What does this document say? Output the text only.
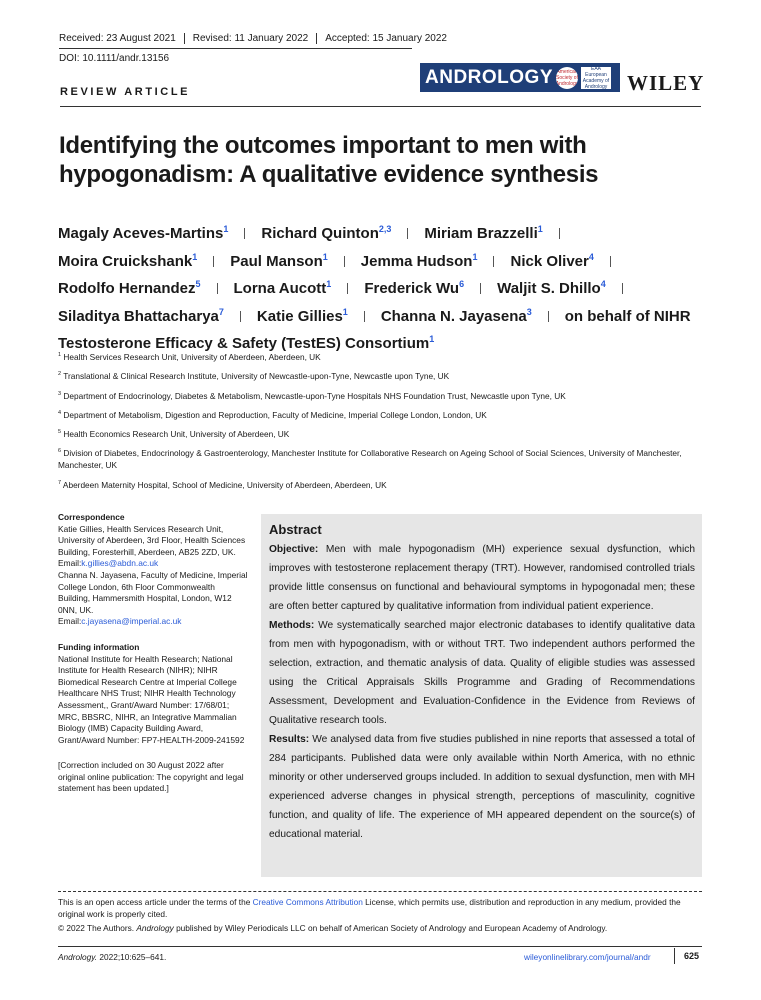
Received: 23 August 2021	Revised: 11 January 2022	Accepted: 15 January 2022
DOI: 10.1111/andr.13156
ANDROLOGY American Society of Andrology
EAA European Academy of Andrology WILEY
REVIEW ARTICLE
Identifying the outcomes important to men with hypogonadism: A qualitative evidence synthesis
Magaly Aceves-Martins$^1$ Richard Quinton$^{2,3}$ Miriam Brazzelli$^1$
Moira Cruickshank$^1$ Paul Manson$^1$ Jemma Hudson$^1$ Nick Oliver$^4$
Rodolfo Hernandez$^5$ Lorna Aucott$^1$ Frederick Wu$^6$ Waljit S. Dhillo$^4$
Siladitya Bhattacharya$^7$ Katie Gillies$^1$ Channa N. Jayasena$^3$ on behalf of NIHR
Testosterone Efficacy & Safety (TestES) Consortium$^1$
$^1$ Health Services Research Unit, University of Aberdeen, Aberdeen, UK
$^2$ Translational & Clinical Research Institute, University of Newcastle-upon-Tyne, Newcastle upon Tyne, UK
$^3$ Department of Endocrinology, Diabetes & Metabolism, Newcastle-upon-Tyne Hospitals NHS Foundation Trust, Newcastle upon Tyne, UK
$^4$ Department of Metabolism, Digestion and Reproduction, Faculty of Medicine, Imperial College London, London, UK
$^5$ Health Economics Research Unit, University of Aberdeen, UK
$^6$ Division of Diabetes, Endocrinology & Gastroenterology, Manchester Institute for Collaborative Research on Ageing School of Social Sciences, University of Manchester, Manchester, UK
$^7$ Aberdeen Maternity Hospital, School of Medicine, University of Aberdeen, Aberdeen, UK
Correspondence

Katie Gillies, Health Services Research Unit, University of Aberdeen, 3rd Floor, Health Sciences Building, Foresterhill, Aberdeen, AB25 2ZD, UK.

Email:k.gillies@abdn.ac.uk

Channa N. Jayasena, Faculty of Medicine, Imperial College London, 6th Floor Commonwealth Building, Hammersmith Hospital, London, W12 0NN, UK.

Email:c.jayasena@imperial.ac.uk

Funding information

National Institute for Health Research; National Institute for Health Research (NIHR); NIHR Biomedical Research Centre at Imperial College Healthcare NHS Trust; NIHR Health Technology Assessment,, Grant/Award Number: 17/68/01; MRC, BBSRC, NIHR, an Integrative Mammalian Biology (IMB) Capacity Building Award, Grant/Award Number: FP7-HEALTH-2009-241592

[Correction included on 30 August 2022 after original online publication: The copyright and legal statement has been updated.]

Abstract

Objective: Men with male hypogonadism (MH) experience sexual dysfunction, which improves with testosterone replacement therapy (TRT). However, randomised controlled trials provide little consensus on functional and behavioural symptoms in hypogonadal men; these are often better captured by qualitative information from individual patient experience.

Methods: We systematically searched major electronic databases to identify qualitative data from men with hypogonadism, with or without TRT. Two independent authors performed the selection, extraction, and thematic analysis of data. Quality of eligible studies was assessed using the Critical Appraisals Skills Programme and Grading of Recommendations Assessment, Development and Evaluation-Confidence in the Evidence from Reviews of Qualitative research tools.

Results: We analysed data from five studies published in nine reports that assessed a total of 284 participants. Published data were only available within North America, with no ethnic minority or other underserved groups included. In addition to sexual dysfunction, men with MH experienced adverse changes in physical strength, perceptions of masculinity, cognitive function, and quality of life. The experience of MH appeared dependent on the source(s) of educational material.

This is an open access article under the terms of the Creative Commons Attribution License, which permits use, distribution and reproduction in any medium, provided the original work is properly cited.

© 2022 The Authors. Andrology published by Wiley Periodicals LLC on behalf of American Society of Andrology and European Academy of Andrology.

Andrology. 2022;10:625–641.	wileyonlinelibrary.com/journal/andr	625
